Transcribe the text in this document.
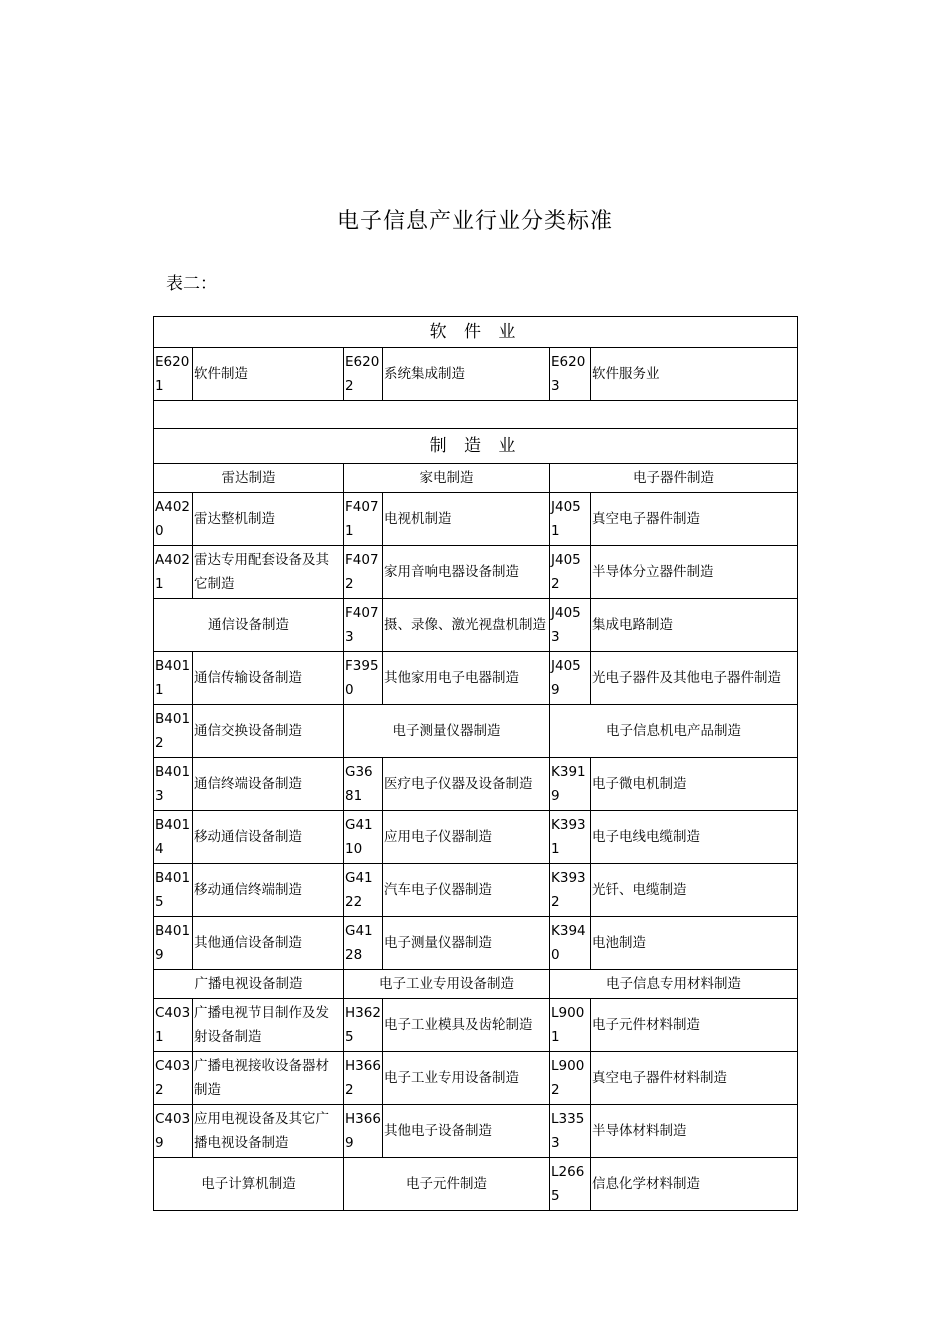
电子信息产业行业分类标准
表二：
软 件 业					
E6201	软件制造	E6202	系统集成制造	E6203	软件服务业

制 造 业					
雷达制造		家电制造		电子器件制造	
A4020	雷达整机制造	F4071	电视机制造	J4051	真空电子器件制造
A4021	雷达专用配套设备及其它制造	F4072	家用音响电器设备制造	J4052	半导体分立器件制造
通信设备制造		F4073	摄、录像、激光视盘机制造	J4053	集成电路制造
B4011	通信传输设备制造	F3950	其他家用电子电器制造	J4059	光电子器件及其他电子器件制造
B4012	通信交换设备制造	电子测量仪器制造		电子信息机电产品制造	
B4013	通信终端设备制造	G3681	医疗电子仪器及设备制造	K3919	电子微电机制造
B4014	移动通信设备制造	G4110	应用电子仪器制造	K3931	电子电线电缆制造
B4015	移动通信终端制造	G4122	汽车电子仪器制造	K3932	光钎、电缆制造
B4019	其他通信设备制造	G4128	电子测量仪器制造	K3940	电池制造
广播电视设备制造		电子工业专用设备制造		电子信息专用材料制造	
C4031	广播电视节目制作及发射设备制造	H3625	电子工业模具及齿轮制造	L9001	电子元件材料制造
C4032	广播电视接收设备器材制造	H3662	电子工业专用设备制造	L9002	真空电子器件材料制造
C4039	应用电视设备及其它广播电视设备制造	H3669	其他电子设备制造	L3353	半导体材料制造
电子计算机制造		电子元件制造		L2665	信息化学材料制造
